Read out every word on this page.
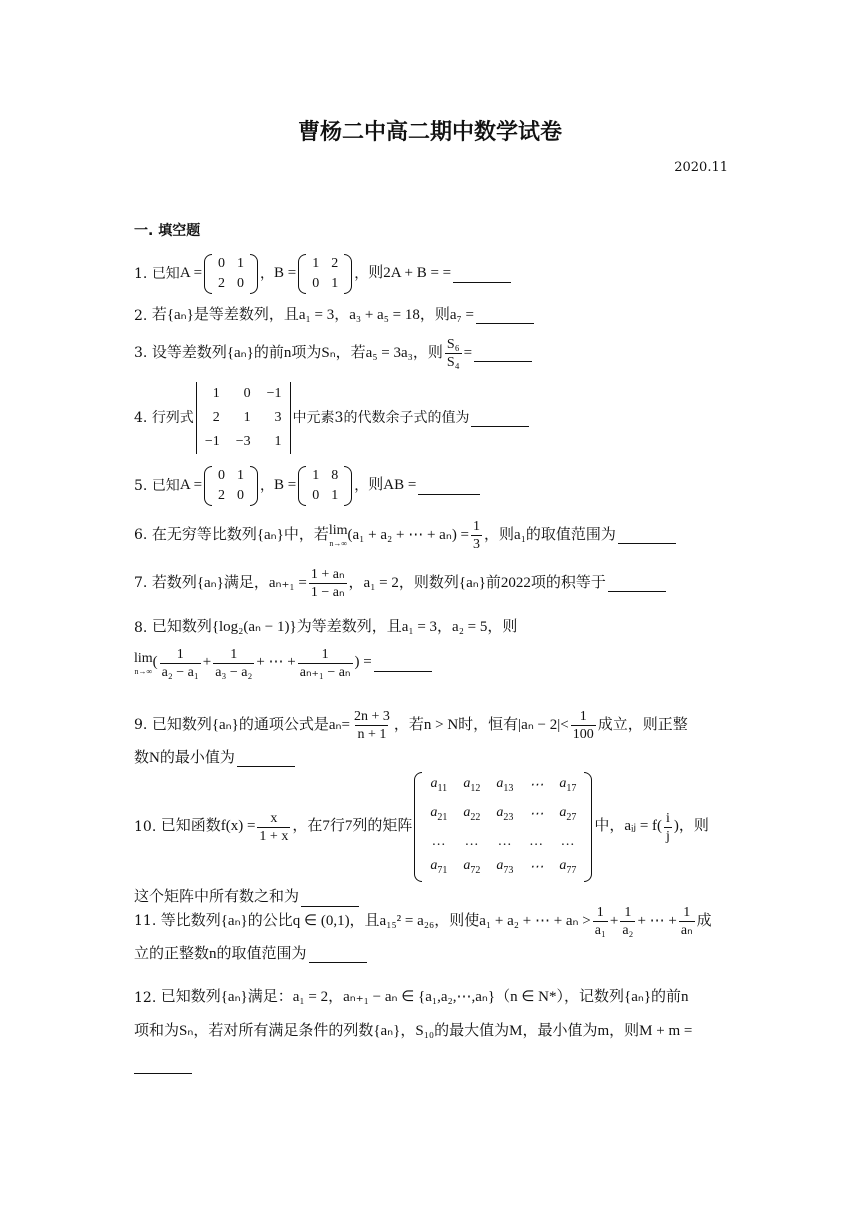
曹杨二中高二期中数学试卷
2020.11
一. 填空题
1.
已知 A =
0	1
2	0
， B =
1	2
0	1
， 则2A + B = =
2.
若{aₙ}是等差数列，且a₁ = 3，a₃ + a₅ = 18，则a₇ =
3.
设等差数列{aₙ}的前n项为Sₙ，若a₅ = 3a₃，则 $\frac{\text{S₆}}{\text{S₄}}$ =
4.
行列式
1	0	−1
2	1	3
−1	−3	1
中元素3的代数余子式的值为
5.
已知 A =
0	1
2	0
， B =
1	8
0	1
， 则AB =
6.
在无穷等比数列{aₙ}中，若 lim
n→∞
(a₁ + a₂ + ⋯ + $a_n) = \frac{1}{3}$ ，则a₁的取值范围为
7.
若数列{aₙ}满足，$a_{n+1} = \frac{\text{1 + aₙ}}{\text{1 − aₙ}}$ ，a₁ = 2，则数列{aₙ}前2022项的积等于
8.
已知数列{log₂(aₙ − 1)}为等差数列，且a₁ = 3，a₂ = 5，则
lim
n→∞
( $\frac{1}{\text{a₂ − a₁}} + \frac{1}{\text{a₃ − a₂}}$ + ⋯ + $\frac{1}{\text{aₙ₊₁ − aₙ}}$ ) =
9.
已知数列{aₙ}的通项公式是$a_n= \frac{2n + 3}{n + 1}$ ，若n > N时，恒有$|a_n - 2|< \frac{1}{100}$ 成立，则正整
数N的最小值为
10.
已知函数$f(x) = \frac{x}{1 + x}$ ，在7行7列的矩阵
$a_{11}$	$a_{12}$	$a_{13}$	⋯	$a_{17}$
$a_{21}$	$a_{22}$	$a_{23}$	⋯	$a_{27}$
…	…	…	…	…
$a_{71}$	$a_{72}$	$a_{73}$	⋯	$a_{77}$
中，aᵢⱼ = $f( \frac{i}{j}$ )，则
这个矩阵中所有数之和为
11.
等比数列{aₙ}的公比q ∈ (0,1)，且a₁₅² = a₂₆，则使a₁ + a₂ + ⋯ + $a_n > \frac{1}{\text{a₁}} + \frac{1}{\text{a₂}}$ + ⋯ + $\frac{1}{\text{aₙ}}$ 成
立的正整数n的取值范围为
12.
已知数列{aₙ}满足：a₁ = 2，aₙ₊₁ − aₙ ∈ {a₁,a₂,⋯,aₙ}（n ∈ N*），记数列{aₙ}的前n
项和为Sₙ，若对所有满足条件的列数{aₙ}，S₁₀的最大值为M，最小值为m，则M + m =
